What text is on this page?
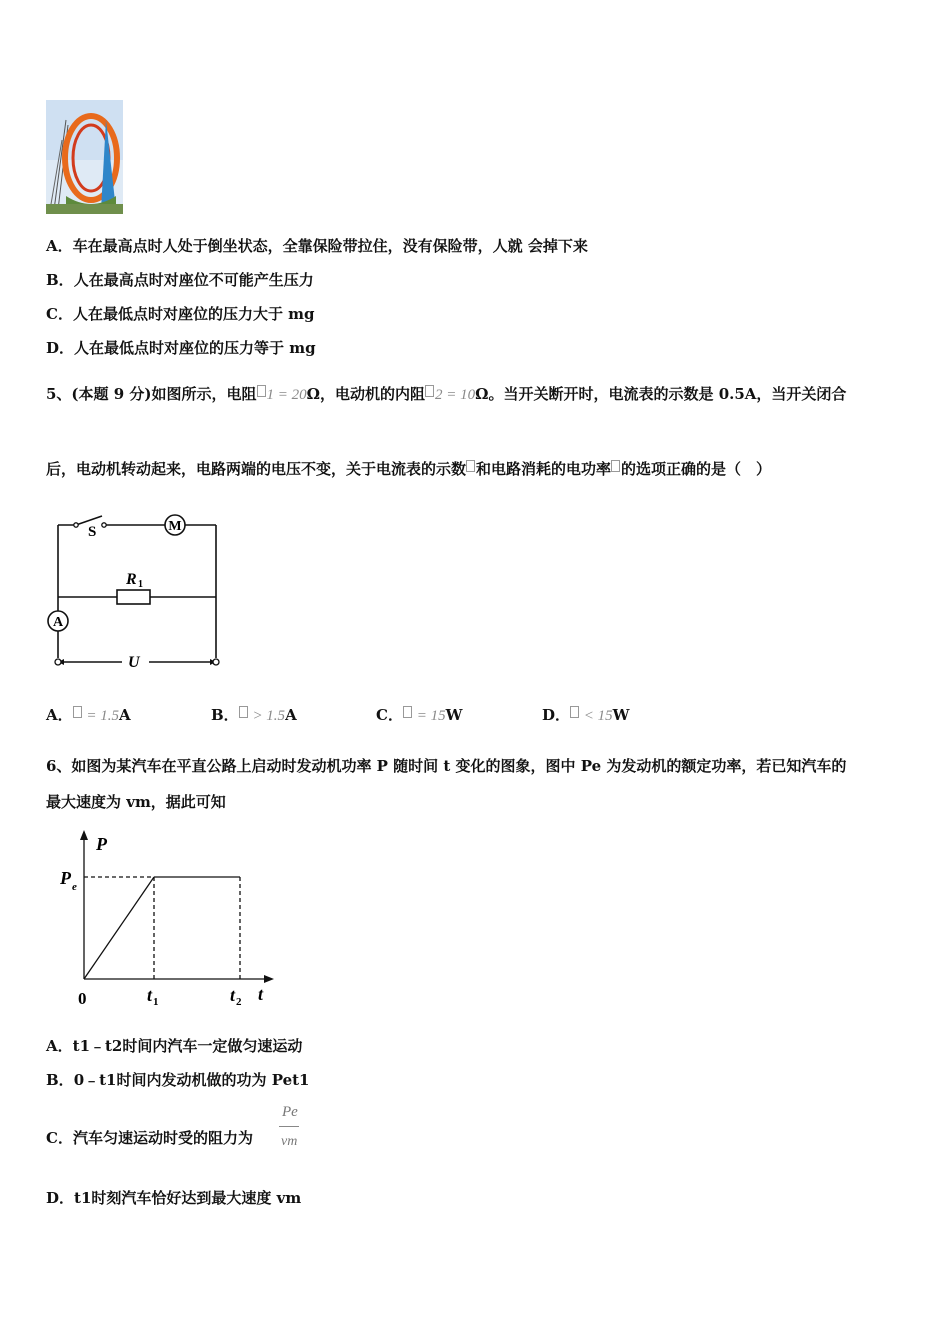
A．车在最高点时人处于倒坐状态，全靠保险带拉住，没有保险带，人就 会掉下来
B．人在最高点时对座位不可能产生压力
C．人在最低点时对座位的压力大于 mg
D．人在最低点时对座位的压力等于 mg
5、(本题 9 分)如图所示，电阻 1 = 20Ω，电动机的内阻 2 = 10Ω。当开关断开时，电流表的示数是 0.5A，当开关闭合
后，电动机转动起来，电路两端的电压不变，关于电流表的示数 和电路消耗的电功率 的选项正确的是（　）
M
A
S
R 1
U
A． = 1.5A	B． > 1.5A	C． = 15W	D． < 15W
6、如图为某汽车在平直公路上启动时发动机功率 P 随时间 t 变化的图象，图中 Pe 为发动机的额定功率，若已知汽车的
最大速度为 vm，据此可知
P
P e
0	t 1	t 2 t
A．t1﹣t2时间内汽车一定做匀速运动
B．0﹣t1时间内发动机做的功为 Pet1
C．汽车匀速运动时受的阻力为
Pe
vm
D．t1时刻汽车恰好达到最大速度 vm
